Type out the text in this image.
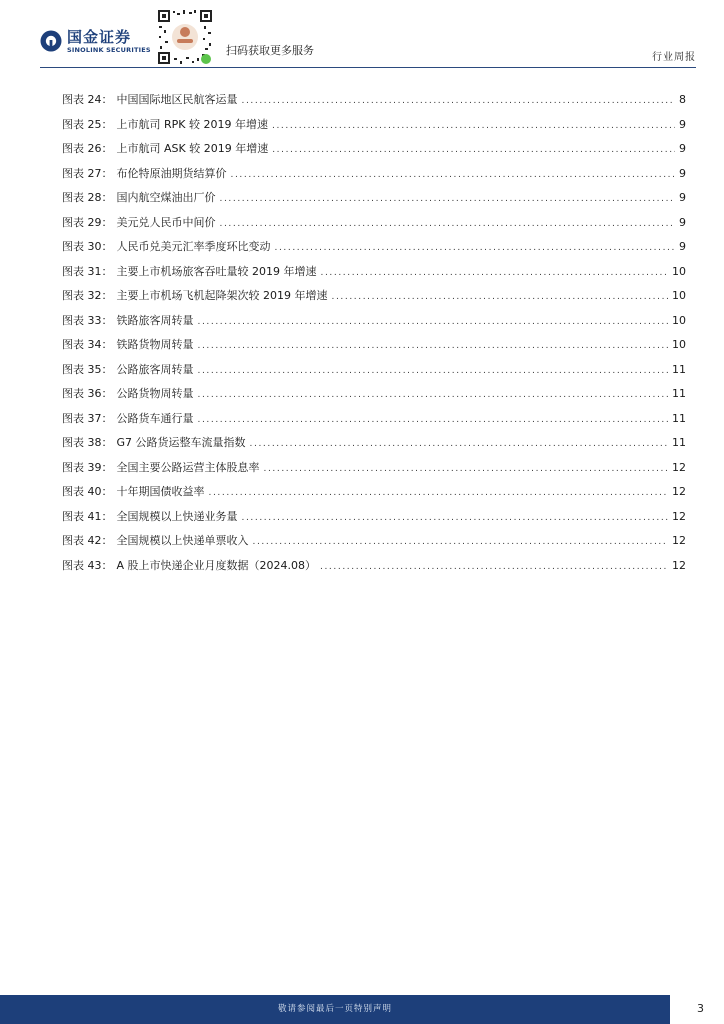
国金证券
SINOLINK SECURITIES	扫码获取更多服务
行业周报
图表 24： 中国国际地区民航客运量 .....	8
图表 25： 上市航司 RPK 较 2019 年增速 .....	9
图表 26： 上市航司 ASK 较 2019 年增速 .....	9
图表 27： 布伦特原油期货结算价 .....	9
图表 28： 国内航空煤油出厂价 .....	9
图表 29： 美元兑人民币中间价 .....	9
图表 30： 人民币兑美元汇率季度环比变动 .....	9
图表 31： 主要上市机场旅客吞吐量较 2019 年增速 .....	10
图表 32： 主要上市机场飞机起降架次较 2019 年增速 .....	10
图表 33： 铁路旅客周转量 .....	10
图表 34： 铁路货物周转量 .....	10
图表 35： 公路旅客周转量 .....	11
图表 36： 公路货物周转量 .....	11
图表 37： 公路货车通行量 .....	11
图表 38： G7 公路货运整车流量指数 .....	11
图表 39： 全国主要公路运营主体股息率 .....	12
图表 40： 十年期国债收益率 .....	12
图表 41： 全国规模以上快递业务量 .....	12
图表 42： 全国规模以上快递单票收入 .....	12
图表 43： A 股上市快递企业月度数据（2024.08） .....	12
敬请参阅最后一页特别声明	3
